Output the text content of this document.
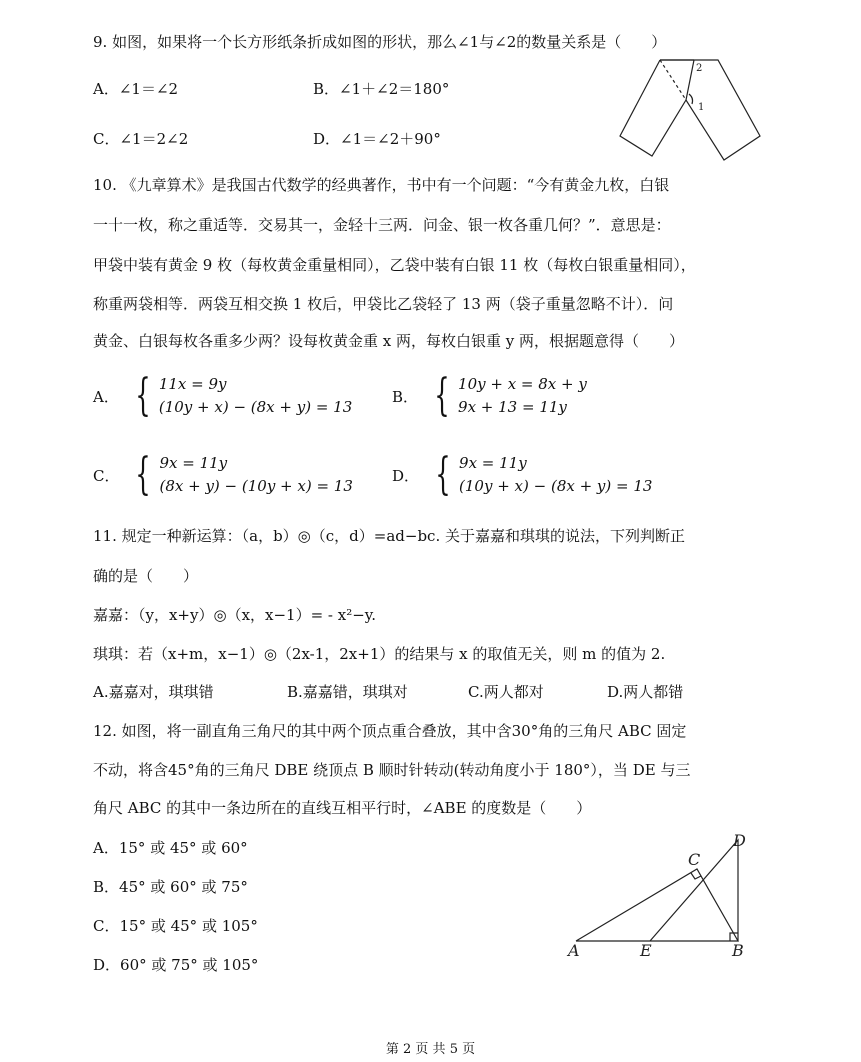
9. 如图，如果将一个长方形纸条折成如图的形状，那么∠1与∠2的数量关系是（　　）
A．∠1＝∠2	B．∠1＋∠2＝180°
C．∠1＝2∠2	D．∠1＝∠2＋90°
2
1
10. 《九章算术》是我国古代数学的经典著作，书中有一个问题：“今有黄金九枚，白银
一十一枚，称之重适等．交易其一，金轻十三两．问金、银一枚各重几何？”．意思是：
甲袋中装有黄金 9 枚（每枚黄金重量相同），乙袋中装有白银 11 枚（每枚白银重量相同），
称重两袋相等．两袋互相交换 1 枚后，甲袋比乙袋轻了 13 两（袋子重量忽略不计）．问
黄金、白银每枚各重多少两？设每枚黄金重 x 两，每枚白银重 y 两，根据题意得（　　）
A． { 11x = 9y
(10y + x) − (8x + y) = 13
B． { 10y + x = 8x + y
9x + 13 = 11y
C． { 9x = 11y
(8x + y) − (10y + x) = 13
D． { 9x = 11y
(10y + x) − (8x + y) = 13
11. 规定一种新运算：（a，b）◎（c，d）=ad−bc. 关于嘉嘉和琪琪的说法，下列判断正
确的是（　　）
嘉嘉：（y，x+y）◎（x，x−1）= - x²−y.
琪琪：若（x+m，x−1）◎（2x-1，2x+1）的结果与 x 的取值无关，则 m 的值为 2.
A.嘉嘉对，琪琪错	B.嘉嘉错，琪琪对	C.两人都对	D.两人都错
12. 如图，将一副直角三角尺的其中两个顶点重合叠放，其中含30°角的三角尺 ABC 固定
不动，将含45°角的三角尺 DBE 绕顶点 B 顺时针转动(转动角度小于 180°），当 DE 与三
角尺 ABC 的其中一条边所在的直线互相平行时，∠ABE 的度数是（　　）
A．15° 或 45° 或 60°
B．45° 或 60° 或 75°
C．15° 或 45° 或 105°
D．60° 或 75° 或 105°
A	E	B
C
D
第 2 页 共 5 页
